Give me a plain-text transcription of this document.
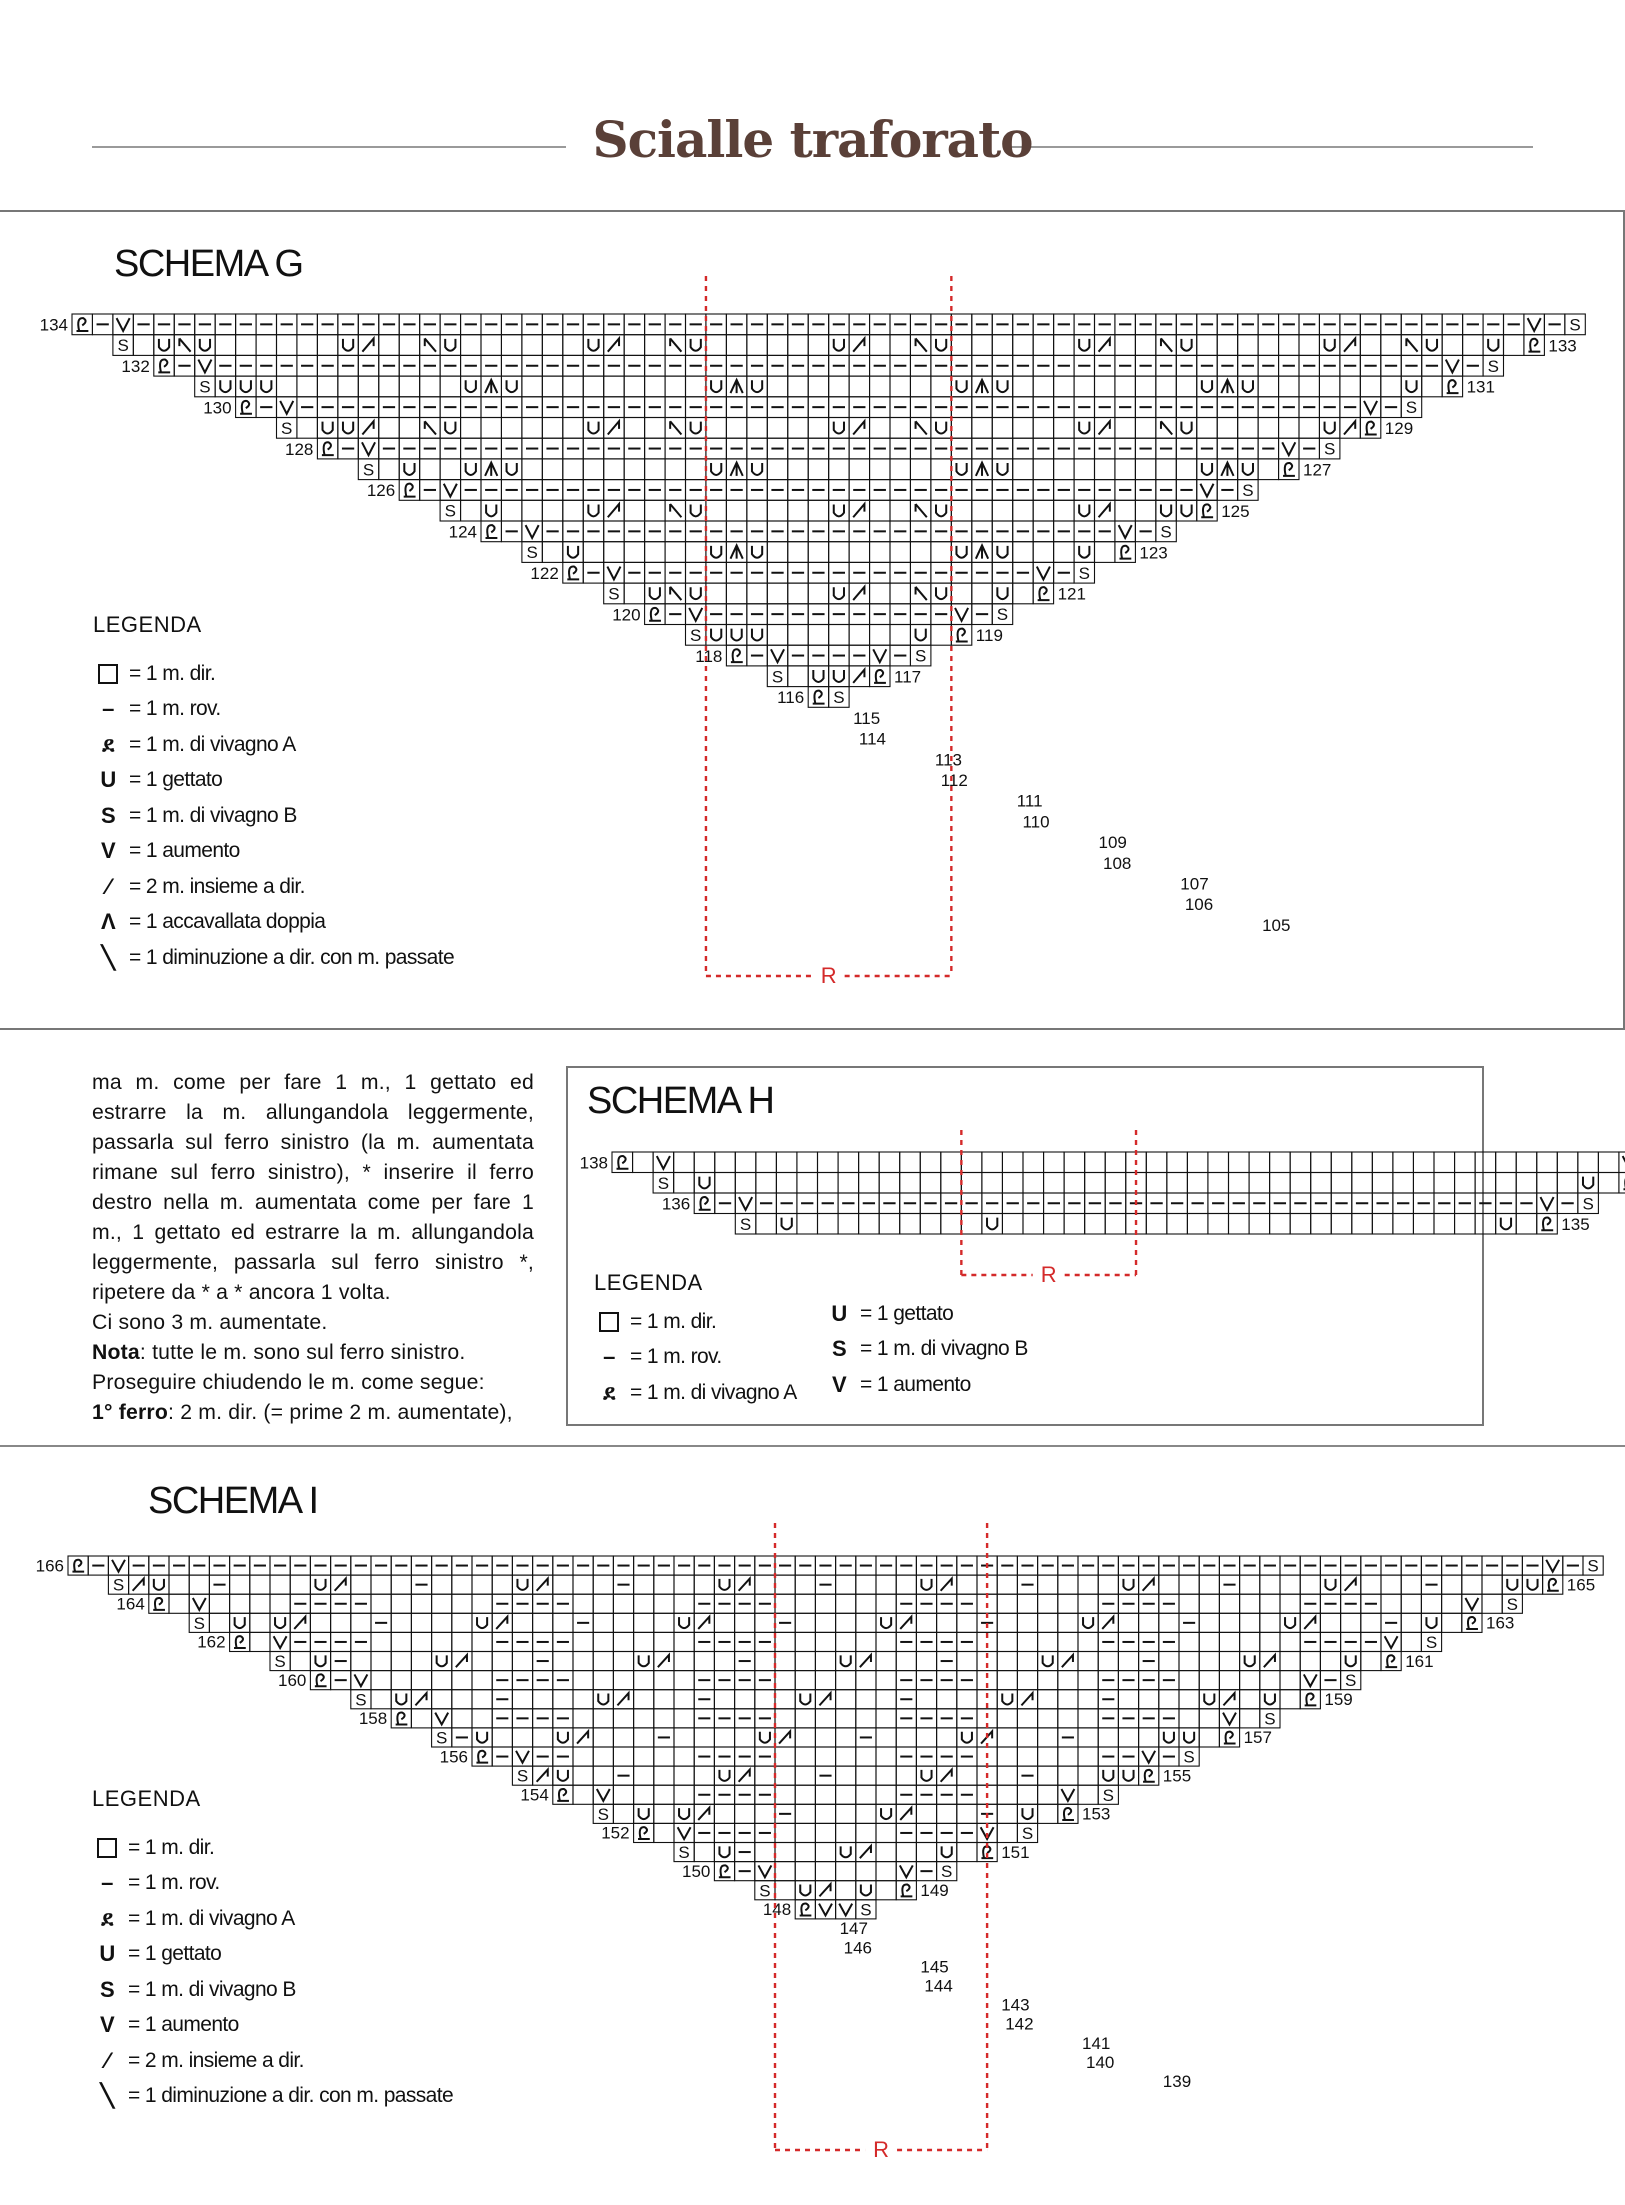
Scialle traforato
SCHEMA G
S
S
S
S
S
S
S
S
S
S
S
S
S
S
S
S
S
S
S
134
132
130
128
126
124
122
120
118
116
114
112
110
108
106
133
131
129
127
125
123
121
119
117
115
113
111
109
107
105
R
LEGENDA
= 1 m. dir.
– = 1 m. rov.
ደ = 1 m. di vivagno A
U = 1 gettato
S = 1 m. di vivagno B
V = 1 aumento
⁄ = 2 m. insieme a dir.
Λ = 1 accavallata doppia
╲ = 1 diminuzione a dir. con m. passate

ma m. come per fare 1 m., 1 gettato ed estrarre la m. allungandola leggermente, passarla sul ferro sinistro (la m. aumentata rimane sul ferro sinistro), * inserire il ferro destro nella m. aumentata come per fare 1 m., 1 gettato ed estrarre la m. allungandola leggermente, passarla sul ferro sinistro *, ripetere da * a * ancora 1 volta.

Ci sono 3 m. aumentate.

Nota: tutte le m. sono sul ferro sinistro.

Proseguire chiudendo le m. come segue:

1° ferro: 2 m. dir. (= prime 2 m. aumentate),

SCHEMA H
S
S
S
138
136
135
R
LEGENDA
= 1 m. dir.
– = 1 m. rov.
ደ = 1 m. di vivagno A
U = 1 gettato
S = 1 m. di vivagno B
V = 1 aumento
SCHEMA I
S
S
S
S
S
S
S
S
S
S
S
S
S
S
S
S
S
S
S
166
164
162
160
158
156
154
152
150
148
146
144
142
140
165
163
161
159
157
155
153
151
149
147
145
143
141
139
R
LEGENDA
= 1 m. dir.
– = 1 m. rov.
ደ = 1 m. di vivagno A
U = 1 gettato
S = 1 m. di vivagno B
V = 1 aumento
⁄ = 2 m. insieme a dir.
╲ = 1 diminuzione a dir. con m. passate
